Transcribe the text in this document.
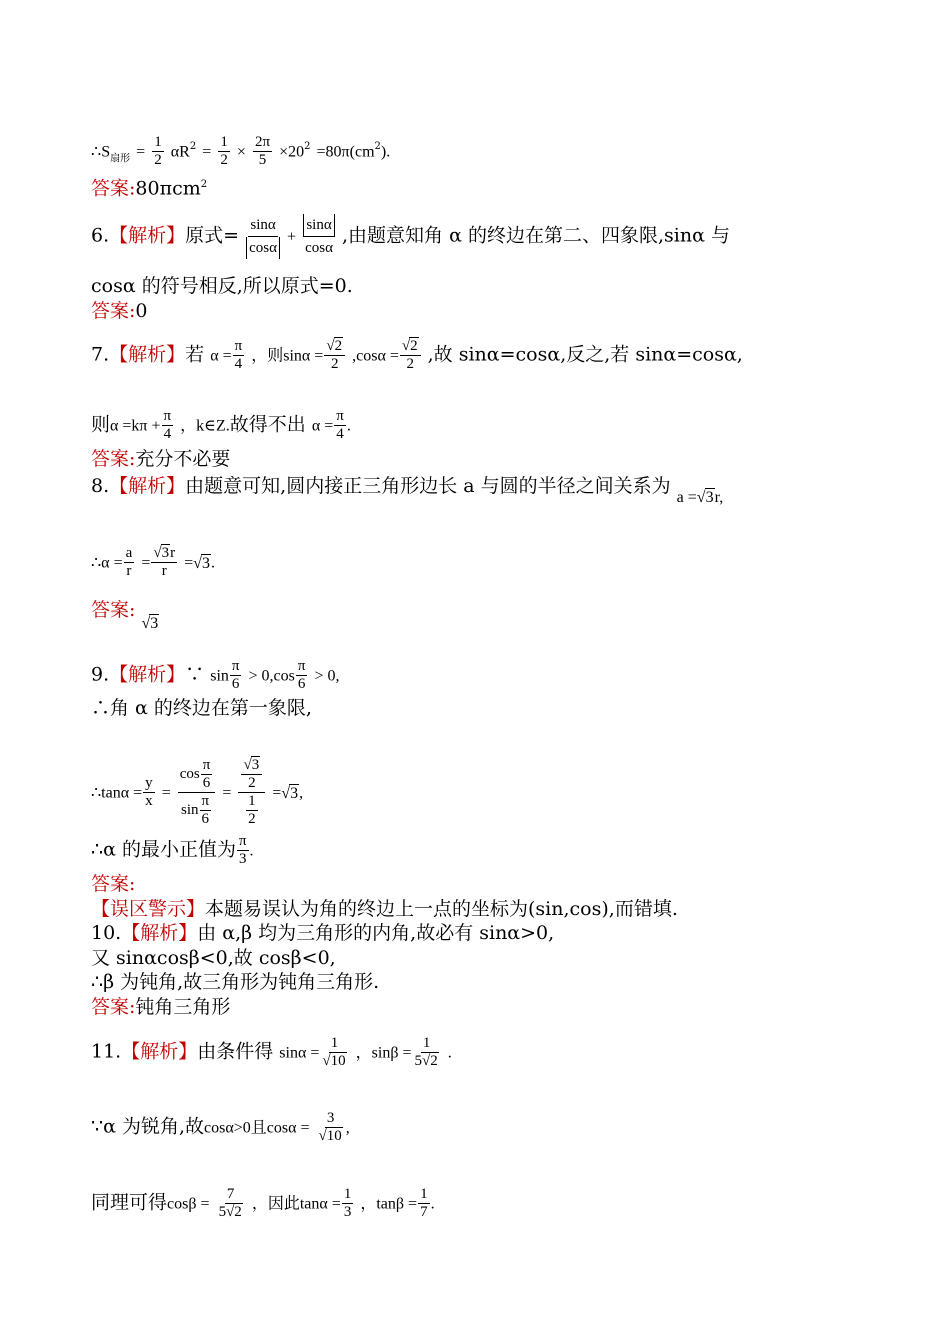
$\therefore S_{扇形} = \frac{1}{2} \alpha R^2 = \frac{1}{2} \times \frac{2\pi}{5} \times 20^2 =80\pi(cm^2)$.
答案:80πcm$^2$
6.【解析】原式= $\frac{\sin\alpha}{\cos\alpha} + \frac{\sin\alpha}{\cos\alpha}$ ,由题意知角 α 的终边在第二、四象限,sinα 与
cosα 的符号相反,所以原式=0.
答案:0
7.【解析】若 $\alpha = \frac{\pi}{4}$ ，则$\sin\alpha = \frac{√2}{2} ,\cos\alpha = \frac{√2}{2}$ ,故 sinα=cosα,反之,若 sinα=cosα,
则$\alpha =k\pi + \frac{\pi}{4}$ ，k∈Z.故得不出 $\alpha = \frac{\pi}{4}$ .
答案:充分不必要
8.【解析】由题意可知,圆内接正三角形边长 a 与圆的半径之间关系为 $_{a =√3r,}$
∴α = $\frac{a}{r} = \frac{√3r}{r} =√3$.
答案: $_{√3}$
9.【解析】∵ $\sin \frac{\pi}{6} > 0,\cos \frac{\pi}{6} > 0$,
∴角 α 的终边在第一象限,
∴tanα = $\frac{y}{x} = \frac{\cos \frac{\pi}{6}}{\sin \frac{\pi}{6}} = \frac{\frac{√3}{2}}{\frac{1}{2}} =√3$,
∴α 的最小正值为 $\frac{\pi}{3}$ .
答案:
【误区警示】本题易误认为角的终边上一点的坐标为(sin,cos),而错填.
10.【解析】由 α,β 均为三角形的内角,故必有 sinα>0,
又 sinαcosβ<0,故 cosβ<0,
∴β 为钝角,故三角形为钝角三角形.
答案:钝角三角形
11.【解析】由条件得 $\sin\alpha = \frac{1}{√10}$ ，$\sin\beta = \frac{1}{5√2}$ .
∵α 为锐角,故cosα>0且$\cos\alpha = \frac{3}{√10}$ ,
同理可得$\cos\beta = \frac{7}{5√2}$ ，因此$\tan\alpha = \frac{1}{3}$ ，$\tan\beta = \frac{1}{7}$ .
